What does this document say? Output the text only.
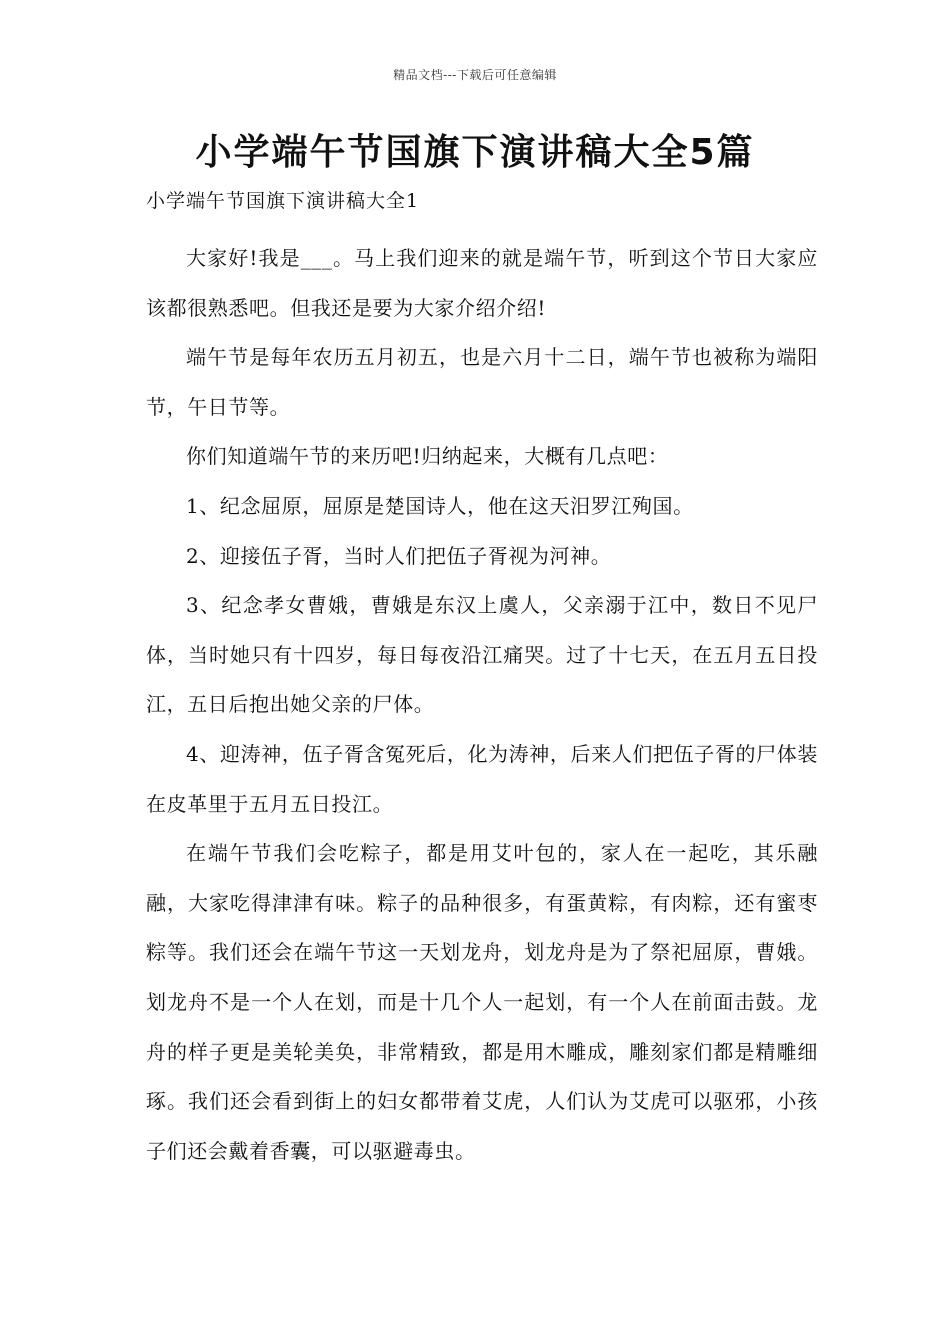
精品文档---下载后可任意编辑
小学端午节国旗下演讲稿大全5篇
小学端午节国旗下演讲稿大全1

大家好!我是___。马上我们迎来的就是端午节，听到这个节日大家应该都很熟悉吧。但我还是要为大家介绍介绍!

端午节是每年农历五月初五，也是六月十二日，端午节也被称为端阳节，午日节等。

你们知道端午节的来历吧!归纳起来，大概有几点吧：

1、纪念屈原，屈原是楚国诗人，他在这天汨罗江殉国。

2、迎接伍子胥，当时人们把伍子胥视为河神。

3、纪念孝女曹娥，曹娥是东汉上虞人，父亲溺于江中，数日不见尸体，当时她只有十四岁，每日每夜沿江痛哭。过了十七天，在五月五日投江，五日后抱出她父亲的尸体。

4、迎涛神，伍子胥含冤死后，化为涛神，后来人们把伍子胥的尸体装在皮革里于五月五日投江。

在端午节我们会吃粽子，都是用艾叶包的，家人在一起吃，其乐融融，大家吃得津津有味。粽子的品种很多，有蛋黄粽，有肉粽，还有蜜枣粽等。我们还会在端午节这一天划龙舟，划龙舟是为了祭祀屈原，曹娥。划龙舟不是一个人在划，而是十几个人一起划，有一个人在前面击鼓。龙舟的样子更是美轮美奂，非常精致，都是用木雕成，雕刻家们都是精雕细琢。我们还会看到街上的妇女都带着艾虎，人们认为艾虎可以驱邪，小孩子们还会戴着香囊，可以驱避毒虫。
